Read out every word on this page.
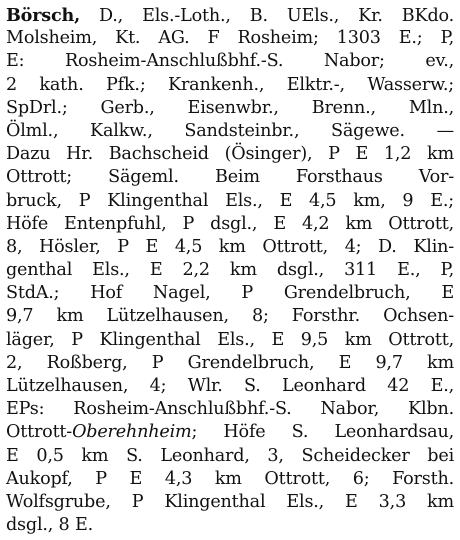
Börsch, D., Els.-Loth., B. UEls., Kr. BKdo.
Molsheim, Kt. AG. F Rosheim; 1303 E.; P,
E: Rosheim-Anschlußbhf.-S. Nabor; ev.,
2 kath. Pfk.; Krankenh., Elktr.-, Wasserw.;
SpDrl.; Gerb., Eisenwbr., Brenn., Mln.,
Ölml., Kalkw., Sandsteinbr., Sägewe. —
Dazu Hr. Bachscheid (Ösinger), P E 1,2 km
Ottrott; Sägeml. Beim Forsthaus Vor-
bruck, P Klingenthal Els., E 4,5 km, 9 E.;
Höfe Entenpfuhl, P dsgl., E 4,2 km Ottrott,
8, Hösler, P E 4,5 km Ottrott, 4; D. Klin-
genthal Els., E 2,2 km dsgl., 311 E., P,
StdA.; Hof Nagel, P Grendelbruch, E
9,7 km Lützelhausen, 8; Forsthr. Ochsen-
läger, P Klingenthal Els., E 9,5 km Ottrott,
2, Roßberg, P Grendelbruch, E 9,7 km
Lützelhausen, 4; Wlr. S. Leonhard 42 E.,
EPs: Rosheim-Anschlußbhf.-S. Nabor, Klbn.
Ottrott-Oberehnheim; Höfe S. Leonhardsau,
E 0,5 km S. Leonhard, 3, Scheidecker bei
Aukopf, P E 4,3 km Ottrott, 6; Forsth.
Wolfsgrube, P Klingenthal Els., E 3,3 km
dsgl., 8 E.
